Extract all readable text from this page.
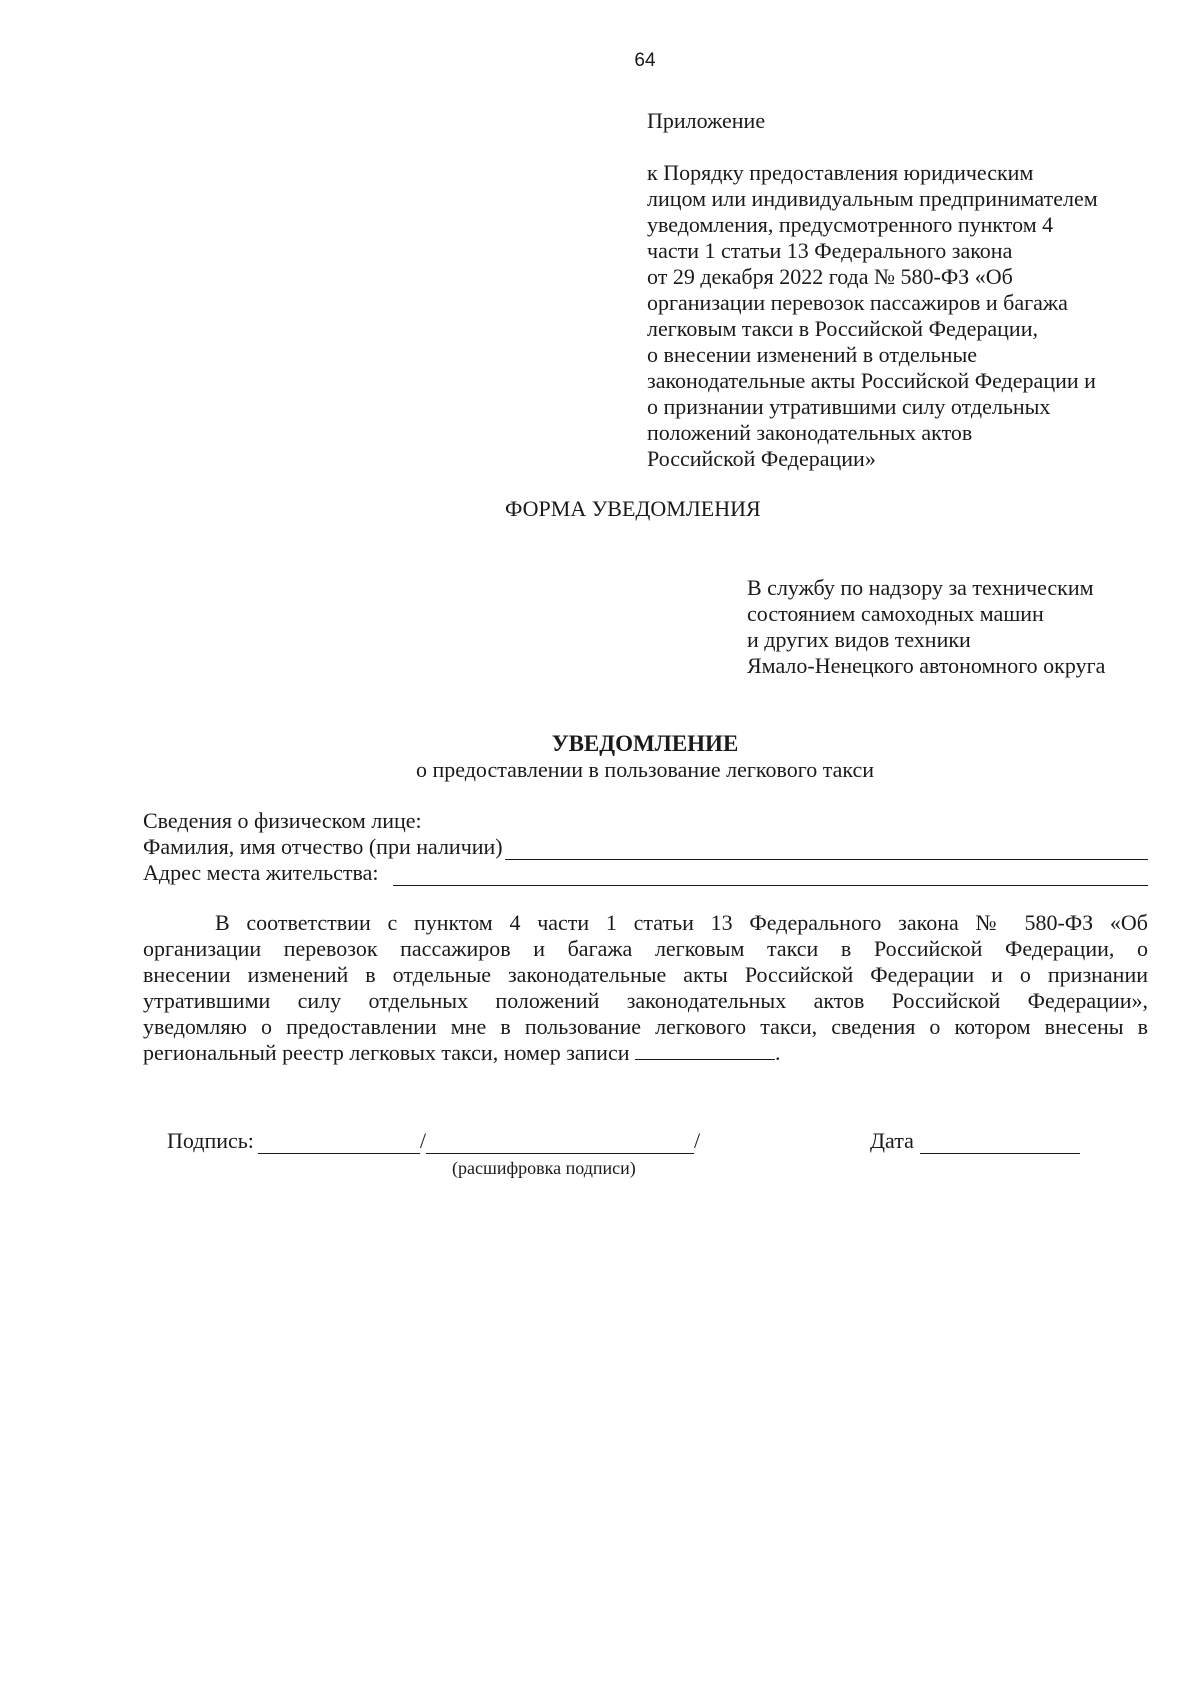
64
Приложение
к Порядку предоставления юридическим
лицом или индивидуальным предпринимателем
уведомления, предусмотренного пунктом 4
части 1 статьи 13 Федерального закона
от 29 декабря 2022 года № 580-ФЗ «Об
организации перевозок пассажиров и багажа
легковым такси в Российской Федерации,
о внесении изменений в отдельные
законодательные акты Российской Федерации и
о признании утратившими силу отдельных
положений законодательных актов
Российской Федерации»
ФОРМА УВЕДОМЛЕНИЯ
В службу по надзору за техническим
состоянием самоходных машин
и других видов техники
Ямало-Ненецкого автономного округа
УВЕДОМЛЕНИЕ
о предоставлении в пользование легкового такси
Сведения о физическом лице:
Фамилия, имя отчество (при наличии)
Адрес места жительства:
В соответствии с пунктом 4 части 1 статьи 13 Федерального закона № 580-ФЗ «Об
организации перевозок пассажиров и багажа легковым такси в Российской Федерации, о
внесении изменений в отдельные законодательные акты Российской Федерации и о признании
утратившими силу отдельных положений законодательных актов Российской Федерации»,
уведомляю о предоставлении мне в пользование легкового такси, сведения о котором внесены в
региональный реестр легковых такси, номер записи	.
Подпись:	/	/
(расшифровка подписи)
Дата
